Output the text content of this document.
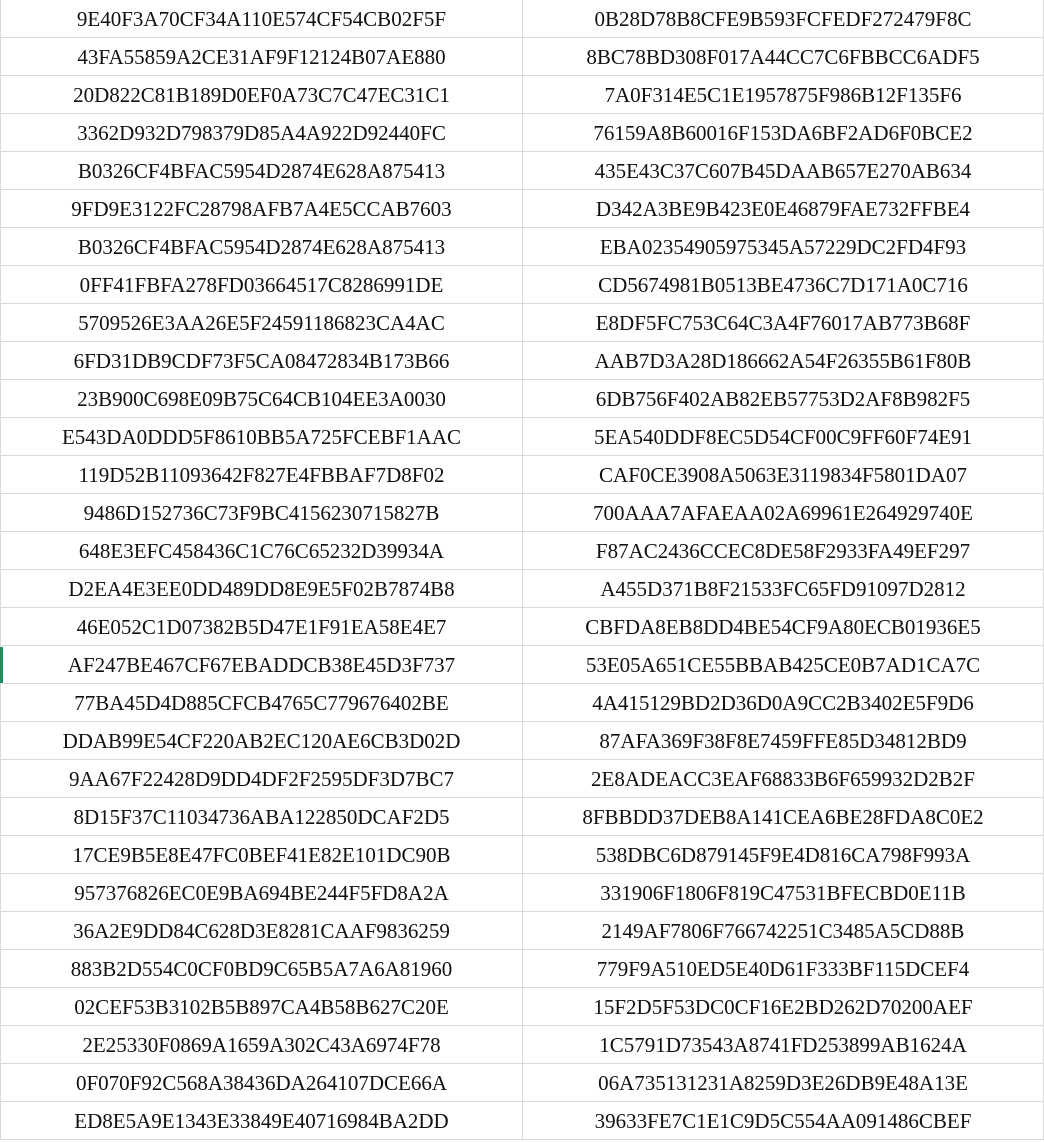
9E40F3A70CF34A110E574CF54CB02F5F	0B28D78B8CFE9B593FCFEDF272479F8C
43FA55859A2CE31AF9F12124B07AE880	8BC78BD308F017A44CC7C6FBBCC6ADF5
20D822C81B189D0EF0A73C7C47EC31C1	7A0F314E5C1E1957875F986B12F135F6
3362D932D798379D85A4A922D92440FC	76159A8B60016F153DA6BF2AD6F0BCE2
B0326CF4BFAC5954D2874E628A875413	435E43C37C607B45DAAB657E270AB634
9FD9E3122FC28798AFB7A4E5CCAB7603	D342A3BE9B423E0E46879FAE732FFBE4
B0326CF4BFAC5954D2874E628A875413	EBA02354905975345A57229DC2FD4F93
0FF41FBFA278FD03664517C8286991DE	CD5674981B0513BE4736C7D171A0C716
5709526E3AA26E5F24591186823CA4AC	E8DF5FC753C64C3A4F76017AB773B68F
6FD31DB9CDF73F5CA08472834B173B66	AAB7D3A28D186662A54F26355B61F80B
23B900C698E09B75C64CB104EE3A0030	6DB756F402AB82EB57753D2AF8B982F5
E543DA0DDD5F8610BB5A725FCEBF1AAC	5EA540DDF8EC5D54CF00C9FF60F74E91
119D52B11093642F827E4FBBAF7D8F02	CAF0CE3908A5063E3119834F5801DA07
9486D152736C73F9BC4156230715827B	700AAA7AFAEAA02A69961E264929740E
648E3EFC458436C1C76C65232D39934A	F87AC2436CCEC8DE58F2933FA49EF297
D2EA4E3EE0DD489DD8E9E5F02B7874B8	A455D371B8F21533FC65FD91097D2812
46E052C1D07382B5D47E1F91EA58E4E7	CBFDA8EB8DD4BE54CF9A80ECB01936E5
AF247BE467CF67EBADDCB38E45D3F737	53E05A651CE55BBAB425CE0B7AD1CA7C
77BA45D4D885CFCB4765C779676402BE	4A415129BD2D36D0A9CC2B3402E5F9D6
DDAB99E54CF220AB2EC120AE6CB3D02D	87AFA369F38F8E7459FFE85D34812BD9
9AA67F22428D9DD4DF2F2595DF3D7BC7	2E8ADEACC3EAF68833B6F659932D2B2F
8D15F37C11034736ABA122850DCAF2D5	8FBBDD37DEB8A141CEA6BE28FDA8C0E2
17CE9B5E8E47FC0BEF41E82E101DC90B	538DBC6D879145F9E4D816CA798F993A
957376826EC0E9BA694BE244F5FD8A2A	331906F1806F819C47531BFECBD0E11B
36A2E9DD84C628D3E8281CAAF9836259	2149AF7806F766742251C3485A5CD88B
883B2D554C0CF0BD9C65B5A7A6A81960	779F9A510ED5E40D61F333BF115DCEF4
02CEF53B3102B5B897CA4B58B627C20E	15F2D5F53DC0CF16E2BD262D70200AEF
2E25330F0869A1659A302C43A6974F78	1C5791D73543A8741FD253899AB1624A
0F070F92C568A38436DA264107DCE66A	06A735131231A8259D3E26DB9E48A13E
ED8E5A9E1343E33849E40716984BA2DD	39633FE7C1E1C9D5C554AA091486CBEF
